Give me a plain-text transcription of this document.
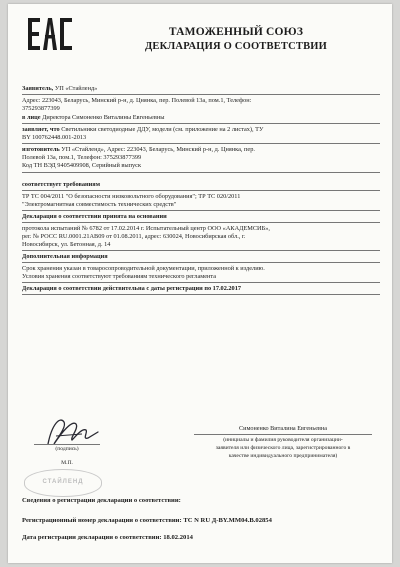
ТАМОЖЕННЫЙ СОЮЗ
ДЕКЛАРАЦИЯ О СООТВЕТСТВИИ
Заявитель, УП «Стайленд»
Адрес: 223043, Беларусь, Минский р-н, д. Цнянка, пер. Полевой 13а, пом.1, Телефон:
375293877399
в лице Директора Симоненко Виталины Евгеньевны
заявляет, что Светильники светодиодные ДДУ, модели (см. приложение на 2 листах), ТУ
BY 100762448.001-2013
изготовитель УП «Стайленд», Адрес: 223043, Беларусь, Минский р-н, д. Цнянка, пер.
Полевой 13а, пом.1, Телефон: 375293877399
Код ТН ВЭД 9405409908, Серийный выпуск
соответствует требованиям
ТР ТС 004/2011 "О безопасности низковольтного оборудования"; ТР ТС 020/2011
"Электромагнитная совместимость технических средств"
Декларация о соответствии принята на основании
протокола испытаний № 6782 от 17.02.2014 г. Испытательный центр ООО «АКАДЕМСИБ»,
рег. № РОСС RU.0001.21АВ09 от 01.08.2011, адрес: 630024, Новосибирская обл., г.
Новосибирск, ул. Бетонная, д. 14
Дополнительная информация
Срок хранения указан в товаросопроводительной документации, приложенной к изделию.
Условия хранения соответствуют требованиям технического регламента
Декларация о соответствии действительна с даты регистрации по 17.02.2017
(подпись)
М.П.
СТАЙЛЕНД
Симоненко Виталина Евгеньевна
(инициалы и фамилия руководителя организации-
заявителя или физического лица, зарегистрированного в
качестве индивидуального предпринимателя)
Сведения о регистрации декларации о соответствии:
Регистрационный номер декларации о соответствии: ТС N RU Д-BY.ММ04.В.02854
Дата регистрации декларации о соответствии: 18.02.2014
